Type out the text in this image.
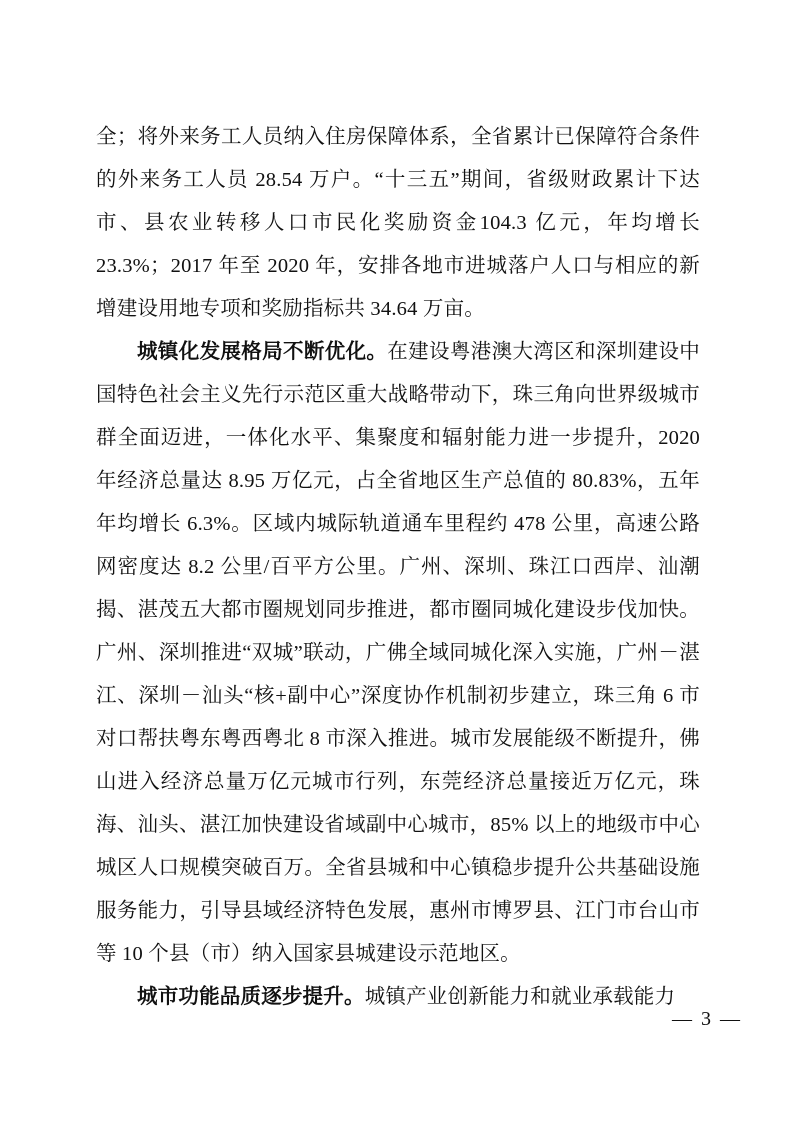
全；将外来务工人员纳入住房保障体系，全省累计已保障符合条件的外来务工人员 28.54 万户。“十三五”期间，省级财政累计下达市、县农业转移人口市民化奖励资金104.3 亿元，年均增长 23.3%；2017 年至 2020 年，安排各地市进城落户人口与相应的新增建设用地专项和奖励指标共 34.64 万亩。

城镇化发展格局不断优化。在建设粤港澳大湾区和深圳建设中国特色社会主义先行示范区重大战略带动下，珠三角向世界级城市群全面迈进，一体化水平、集聚度和辐射能力进一步提升，2020 年经济总量达 8.95 万亿元，占全省地区生产总值的 80.83%，五年年均增长 6.3%。区域内城际轨道通车里程约 478 公里，高速公路网密度达 8.2 公里/百平方公里。广州、深圳、珠江口西岸、汕潮揭、湛茂五大都市圈规划同步推进，都市圈同城化建设步伐加快。广州、深圳推进“双城”联动，广佛全域同城化深入实施，广州－湛江、深圳－汕头“核+副中心”深度协作机制初步建立，珠三角 6 市对口帮扶粤东粤西粤北 8 市深入推进。城市发展能级不断提升，佛山进入经济总量万亿元城市行列，东莞经济总量接近万亿元，珠海、汕头、湛江加快建设省域副中心城市，85% 以上的地级市中心城区人口规模突破百万。全省县城和中心镇稳步提升公共基础设施服务能力，引导县域经济特色发展，惠州市博罗县、江门市台山市等 10 个县（市）纳入国家县城建设示范地区。

城市功能品质逐步提升。城镇产业创新能力和就业承载能力

— 3 —
